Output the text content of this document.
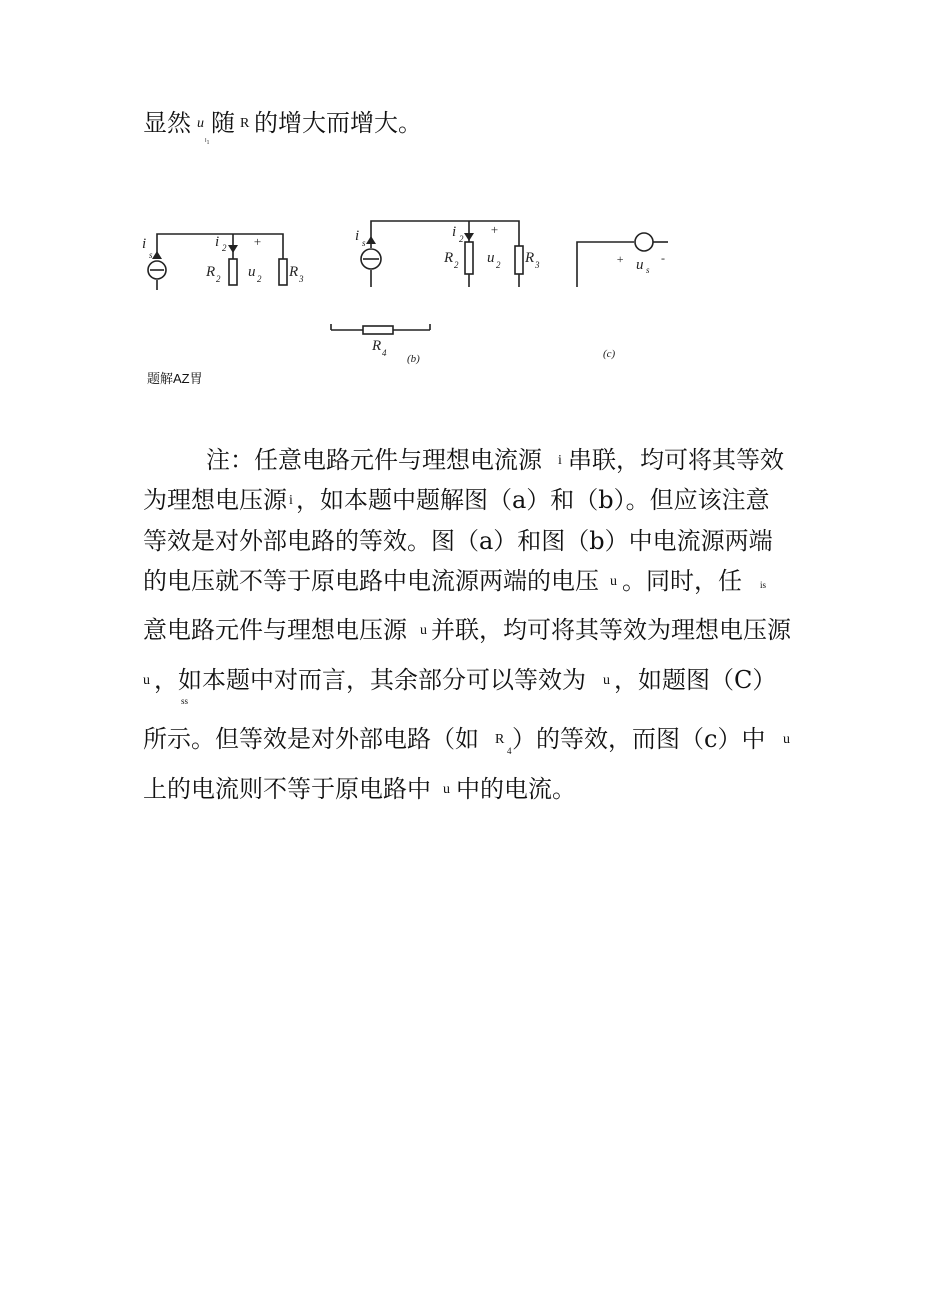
显然 u
ₗ₁
随 R 的增大而增大。
i
s
i 2 +
R 2 u 2 R 3
i s
i 2
+
R 2 u 2 R 3
R 4 (b)
+ u s
-
(c)
题解AZ胃
注：任意电路元件与理想电流源 i 串联，均可将其等效
为理想电压源 i ，如本题中题解图（a）和（b）。但应该注意
等效是对外部电路的等效。图（a）和图（b）中电流源两端
的电压就不等于原电路中电流源两端的电压 u 。同时，任 is
意电路元件与理想电压源 u 并联，均可将其等效为理想电压源
u ，如本题中对而言，其余部分可以等效为 u ，如题图（C）
ss
所示。但等效是对外部电路（如 R
4 ）的等效，而图（c）中 u
上的电流则不等于原电路中 u 中的电流。
